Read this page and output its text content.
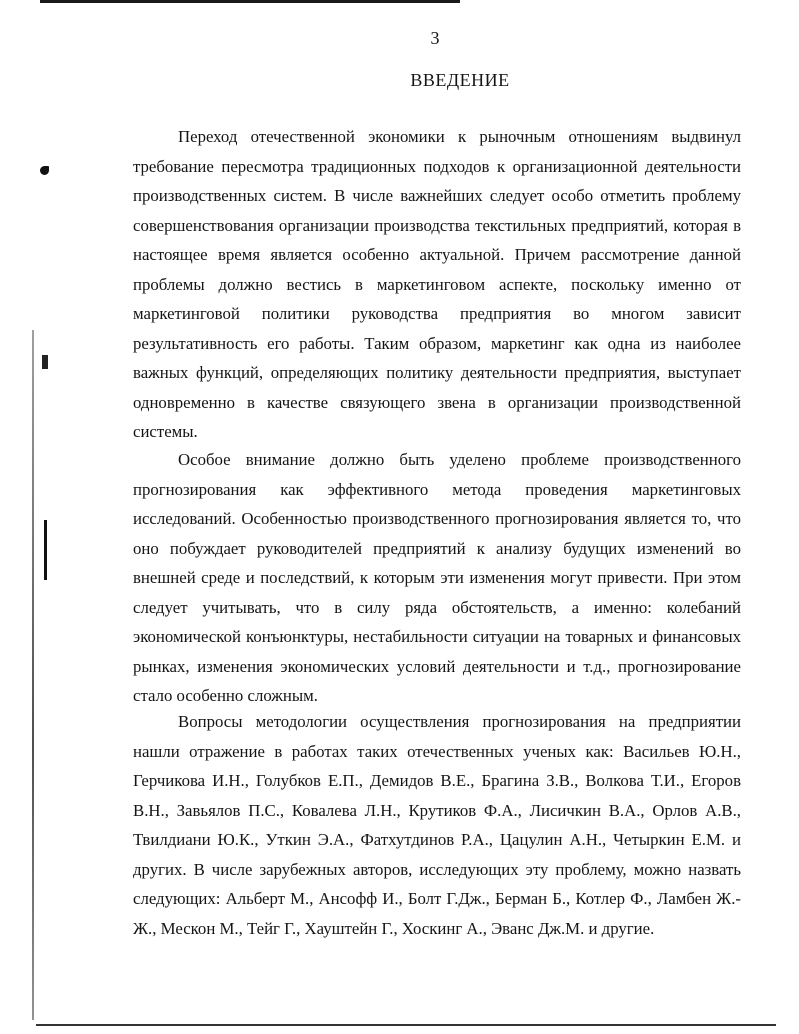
3
ВВЕДЕНИЕ

Переход отечественной экономики к рыночным отношениям выдвинул требование пересмотра традиционных подходов к организационной деятельности производственных систем. В числе важнейших следует особо отметить проблему совершенствования организации производства текстильных предприятий, которая в настоящее время является особенно актуальной. Причем рассмотрение данной проблемы должно вестись в маркетинговом аспекте, поскольку именно от маркетинговой политики руководства предприятия во многом зависит результативность его работы. Таким образом, маркетинг как одна из наиболее важных функций, определяющих политику деятельности предприятия, выступает одновременно в качестве связующего звена в организации производственной системы.

Особое внимание должно быть уделено проблеме производственного прогнозирования как эффективного метода проведения маркетинговых исследований. Особенностью производственного прогнозирования является то, что оно побуждает руководителей предприятий к анализу будущих изменений во внешней среде и последствий, к которым эти изменения могут привести. При этом следует учитывать, что в силу ряда обстоятельств, а именно: колебаний экономической конъюнктуры, нестабильности ситуации на товарных и финансовых рынках, изменения экономических условий деятельности и т.д., прогнозирование стало особенно сложным.

Вопросы методологии осуществления прогнозирования на предприятии нашли отражение в работах таких отечественных ученых как: Васильев Ю.Н., Герчикова И.Н., Голубков Е.П., Демидов В.Е., Брагина З.В., Волкова Т.И., Егоров В.Н., Завьялов П.С., Ковалева Л.Н., Крутиков Ф.А., Лисичкин В.А., Орлов А.В., Твилдиани Ю.К., Уткин Э.А., Фатхутдинов Р.А., Цацулин А.Н., Четыркин Е.М. и других. В числе зарубежных авторов, исследующих эту проблему, можно назвать следующих: Альберт М., Ансофф И., Болт Г.Дж., Берман Б., Котлер Ф., Ламбен Ж.-Ж., Мескон М., Тейг Г., Хауштейн Г., Хоскинг А., Эванс Дж.М. и другие.
